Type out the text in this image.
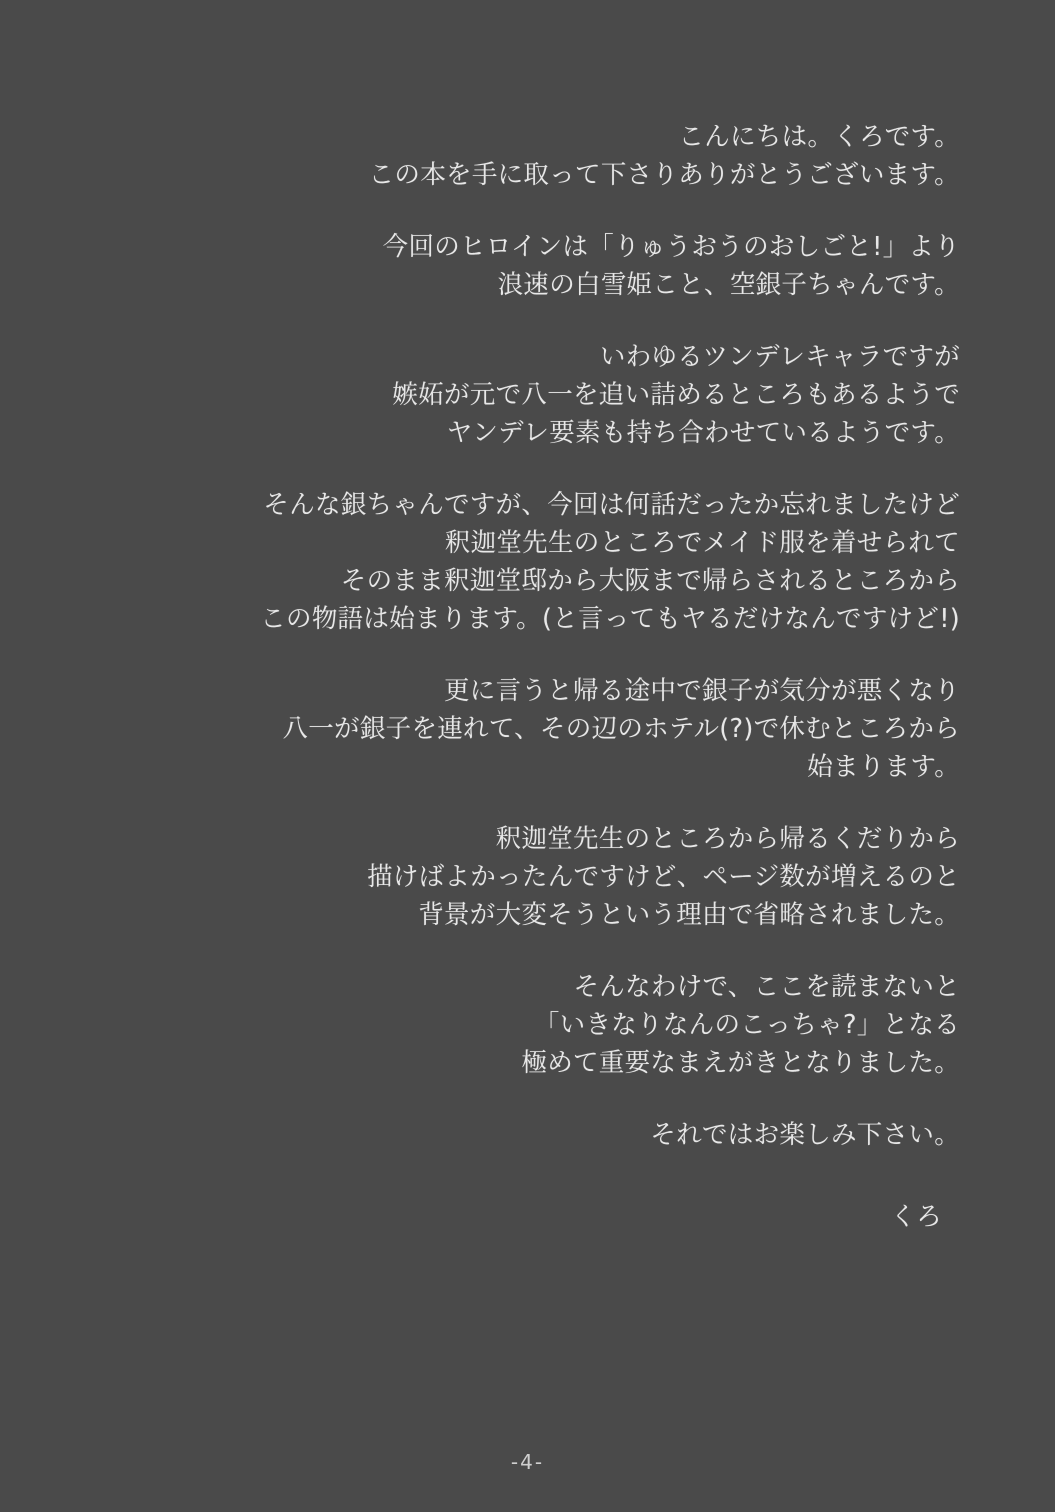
こんにちは。くろです。
この本を手に取って下さりありがとうございます。

今回のヒロインは「りゅうおうのおしごと!」より
浪速の白雪姫こと、空銀子ちゃんです。

いわゆるツンデレキャラですが
嫉妬が元で八一を追い詰めるところもあるようで
ヤンデレ要素も持ち合わせているようです。

そんな銀ちゃんですが、今回は何話だったか忘れましたけど
釈迦堂先生のところでメイド服を着せられて
そのまま釈迦堂邸から大阪まで帰らされるところから
この物語は始まります。(と言ってもヤるだけなんですけど!)

更に言うと帰る途中で銀子が気分が悪くなり
八一が銀子を連れて、その辺のホテル(?)で休むところから
始まります。

釈迦堂先生のところから帰るくだりから
描けばよかったんですけど、ページ数が増えるのと
背景が大変そうという理由で省略されました。

そんなわけで、ここを読まないと
「いきなりなんのこっちゃ?」となる
極めて重要なまえがきとなりました。

それではお楽しみ下さい。

くろ

-4-
